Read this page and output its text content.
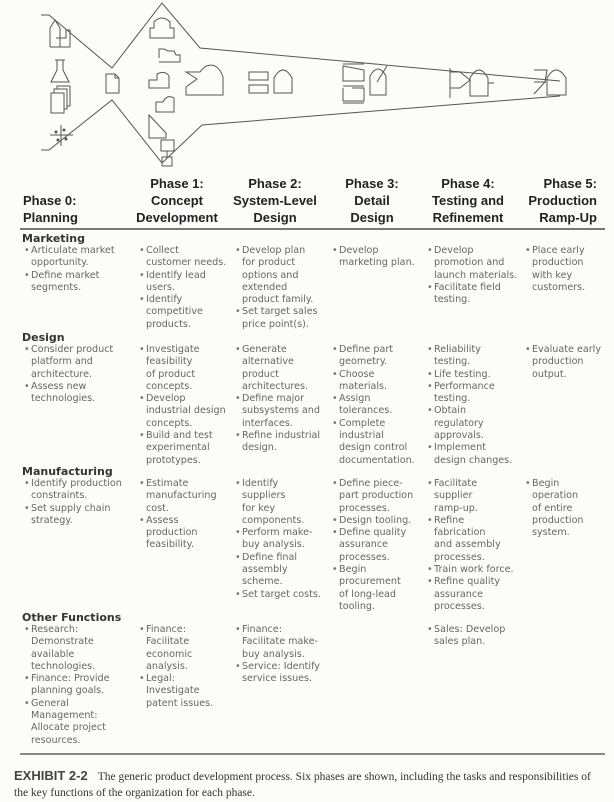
Phase 0:
Planning
Phase 1:
Concept
Development
Phase 2:
System-Level
Design
Phase 3:
Detail
Design
Phase 4:
Testing and
Refinement
Phase 5:
Production
Ramp-Up
Marketing
• Articulate market
opportunity.
• Define market
segments.
• Collect
customer needs.
• Identify lead
users.
• Identify
competitive
products.
• Develop plan
for product
options and
extended
product family.
• Set target sales
price point(s).
• Develop
marketing plan.
• Develop
promotion and
launch materials.
• Facilitate field
testing.
• Place early
production
with key
customers.
Design
• Consider product
platform and
architecture.
• Assess new
technologies.
• Investigate
feasibility
of product
concepts.
• Develop
industrial design
concepts.
• Build and test
experimental
prototypes.
• Generate
alternative
product
architectures.
• Define major
subsystems and
interfaces.
• Refine industrial
design.
• Define part
geometry.
• Choose
materials.
• Assign
tolerances.
• Complete
industrial
design control
documentation.
• Reliability
testing.
• Life testing.
• Performance
testing.
• Obtain
regulatory
approvals.
• Implement
design changes.
• Evaluate early
production
output.
Manufacturing
• Identify production
constraints.
• Set supply chain
strategy.
• Estimate
manufacturing
cost.
• Assess
production
feasibility.
• Identify
suppliers
for key
components.
• Perform make-
buy analysis.
• Define final
assembly
scheme.
• Set target costs.
• Define piece-
part production
processes.
• Design tooling.
• Define quality
assurance
processes.
• Begin
procurement
of long-lead
tooling.
• Facilitate
supplier
ramp-up.
• Refine
fabrication
and assembly
processes.
• Train work force.
• Refine quality
assurance
processes.
• Begin
operation
of entire
production
system.
Other Functions
• Research:
Demonstrate
available
technologies.
• Finance: Provide
planning goals.
• General
Management:
Allocate project
resources.
• Finance:
Facilitate
economic
analysis.
• Legal:
Investigate
patent issues.
• Finance:
Facilitate make-
buy analysis.
• Service: Identify
service issues.
• Sales: Develop
sales plan.
EXHIBIT 2-2 The generic product development process. Six phases are shown, including the tasks and responsibilities of the key functions of the organization for each phase.
